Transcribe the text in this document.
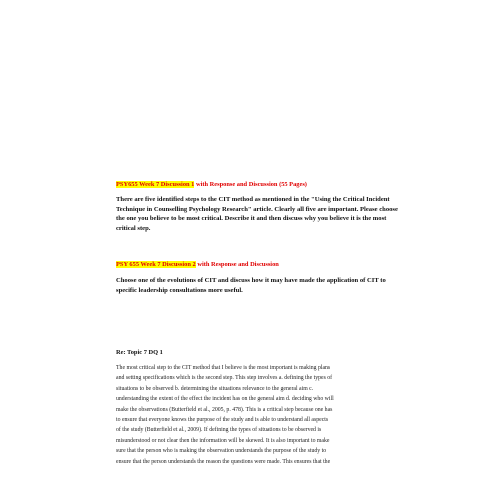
PSY655 Week 7 Discussion 1 with Response and Discussion (55 Pages)
There are five identified steps to the CIT method as mentioned in the "Using the Critical Incident Technique in Counselling Psychology Research" article. Clearly all five are important. Please choose the one you believe to be most critical. Describe it and then discuss why you believe it is the most critical step.
PSY 655 Week 7 Discussion 2 with Response and Discussion
Choose one of the evolutions of CIT and discuss how it may have made the application of CIT to specific leadership consultations more useful.
Re: Topic 7 DQ 1
The most critical step to the CIT method that I believe is the most important is making plans
and setting specifications which is the second step. This step involves a. defining the types of
situations to be observed b. determining the situations relevance to the general aim c.
understanding the extent of the effect the incident has on the general aim d. deciding who will
make the observations (Butterfield et al., 2005, p. 478). This is a critical step because one has
to ensure that everyone knows the purpose of the study and is able to understand all aspects
of the study (Butterfield et al., 2009). If defining the types of situations to be observed is
misunderstood or not clear then the information will be skewed. It is also important to make
sure that the person who is making the observation understands the purpose of the study to
ensure that the person understands the reason the questions were made. This ensures that the
